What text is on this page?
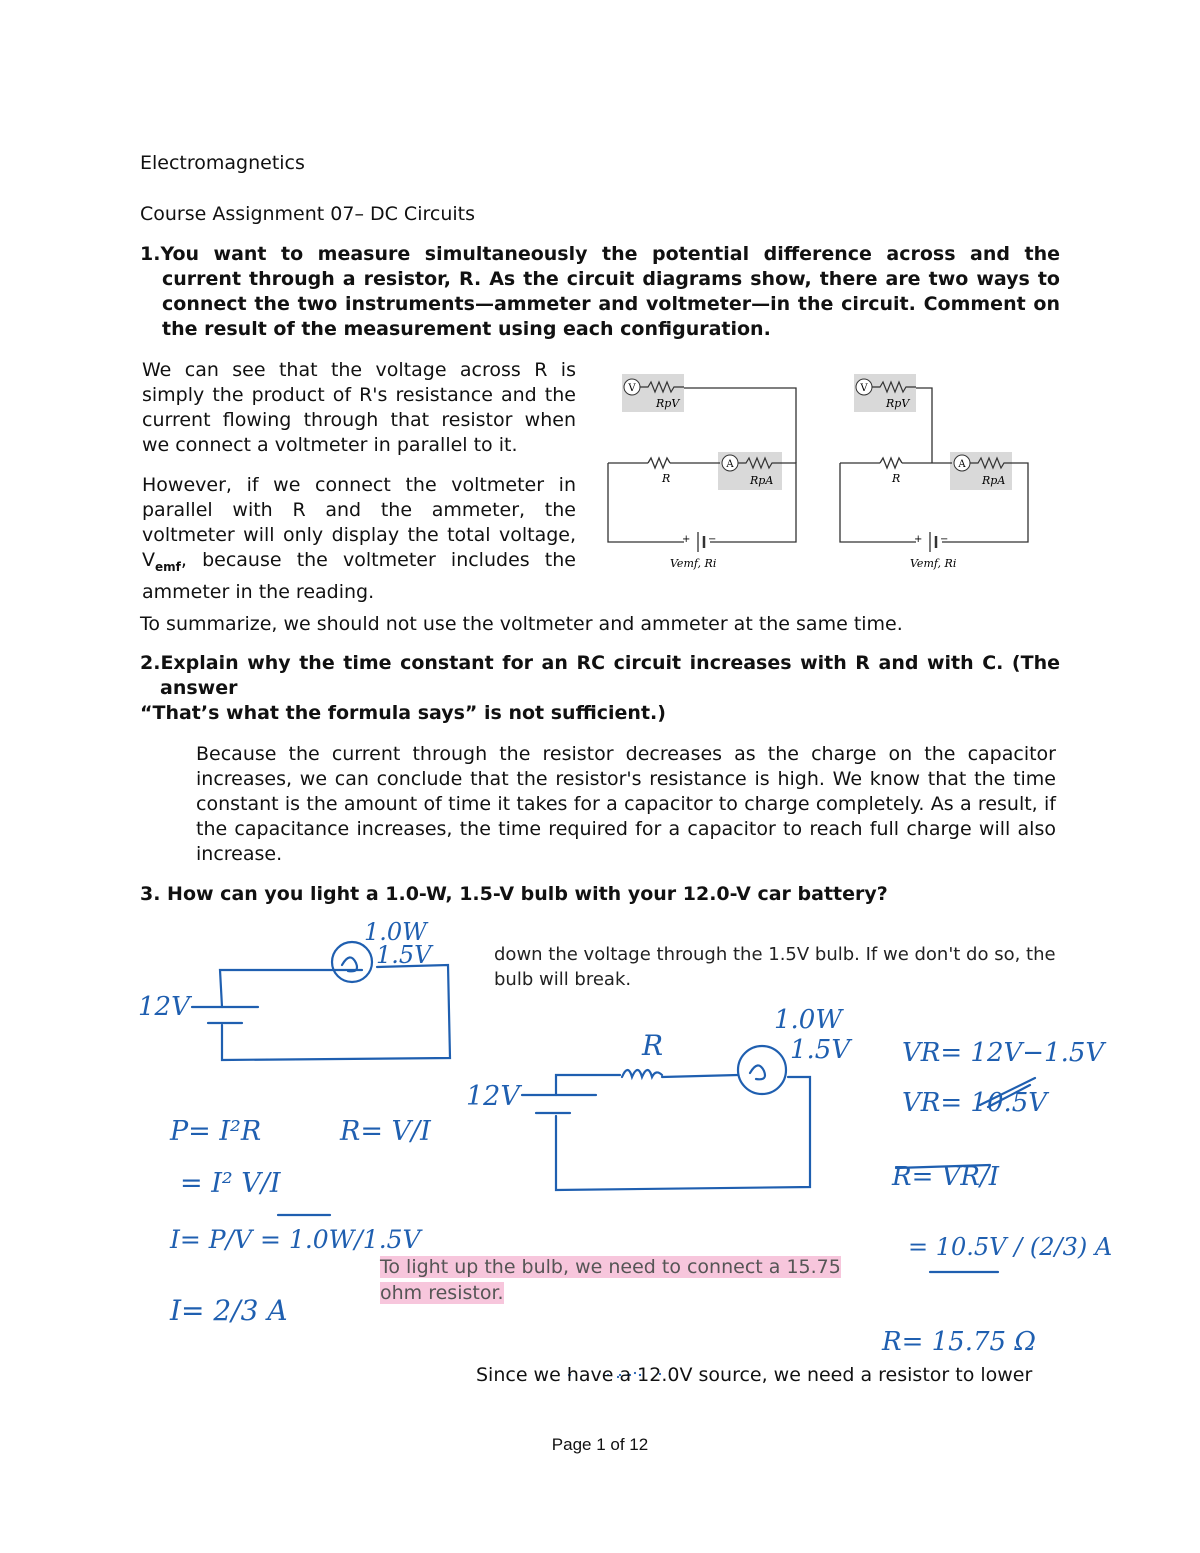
Electromagnetics
Course Assignment 07– DC Circuits
1.You want to measure simultaneously the potential difference across and the current through a resistor, R. As the circuit diagrams show, there are two ways to connect the two instruments—ammeter and voltmeter—in the circuit. Comment on the result of the measurement using each configuration.
We can see that the voltage across R is simply the product of R's resistance and the current flowing through that resistor when we connect a voltmeter in parallel to it.
However, if we connect the voltmeter in parallel with R and the ammeter, the voltmeter will only display the total voltage, $V_{emf}$, because the voltmeter includes the ammeter in the reading.
V
RpV
A
R	RpA
+ −
Vemf, Ri
V
RpV
A
R	RpA
+ −
Vemf, Ri
To summarize, we should not use the voltmeter and ammeter at the same time.
2.Explain why the time constant for an RC circuit increases with R and with C. (The answer
“That’s what the formula says” is not sufficient.)
Because the current through the resistor decreases as the charge on the capacitor increases, we can conclude that the resistor's resistance is high. We know that the time constant is the amount of time it takes for a capacitor to charge completely. As a result, if the capacitance increases, the time required for a capacitor to reach full charge will also increase.
3. How can you light a 1.0-W, 1.5-V bulb with your 12.0-V car battery?
down the voltage through the 1.5V bulb. If we don't do so, the bulb will break.
1.0W
1.5V
12V
P= I²R
= I² V/I
R= V/I
I= P/V = 1.0W/1.5V
I= 2/3 A
R
1.0W
1.5V
12V
VR= 12V−1.5V
VR= 10.5V
R= VR/I
= 10.5V / (2/3) A
R= 15.75 Ω
To light up the bulb, we need to connect a 15.75 ohm resistor.
Since we have a 12.0V source, we need a resistor to lower
Page 1 of 12
